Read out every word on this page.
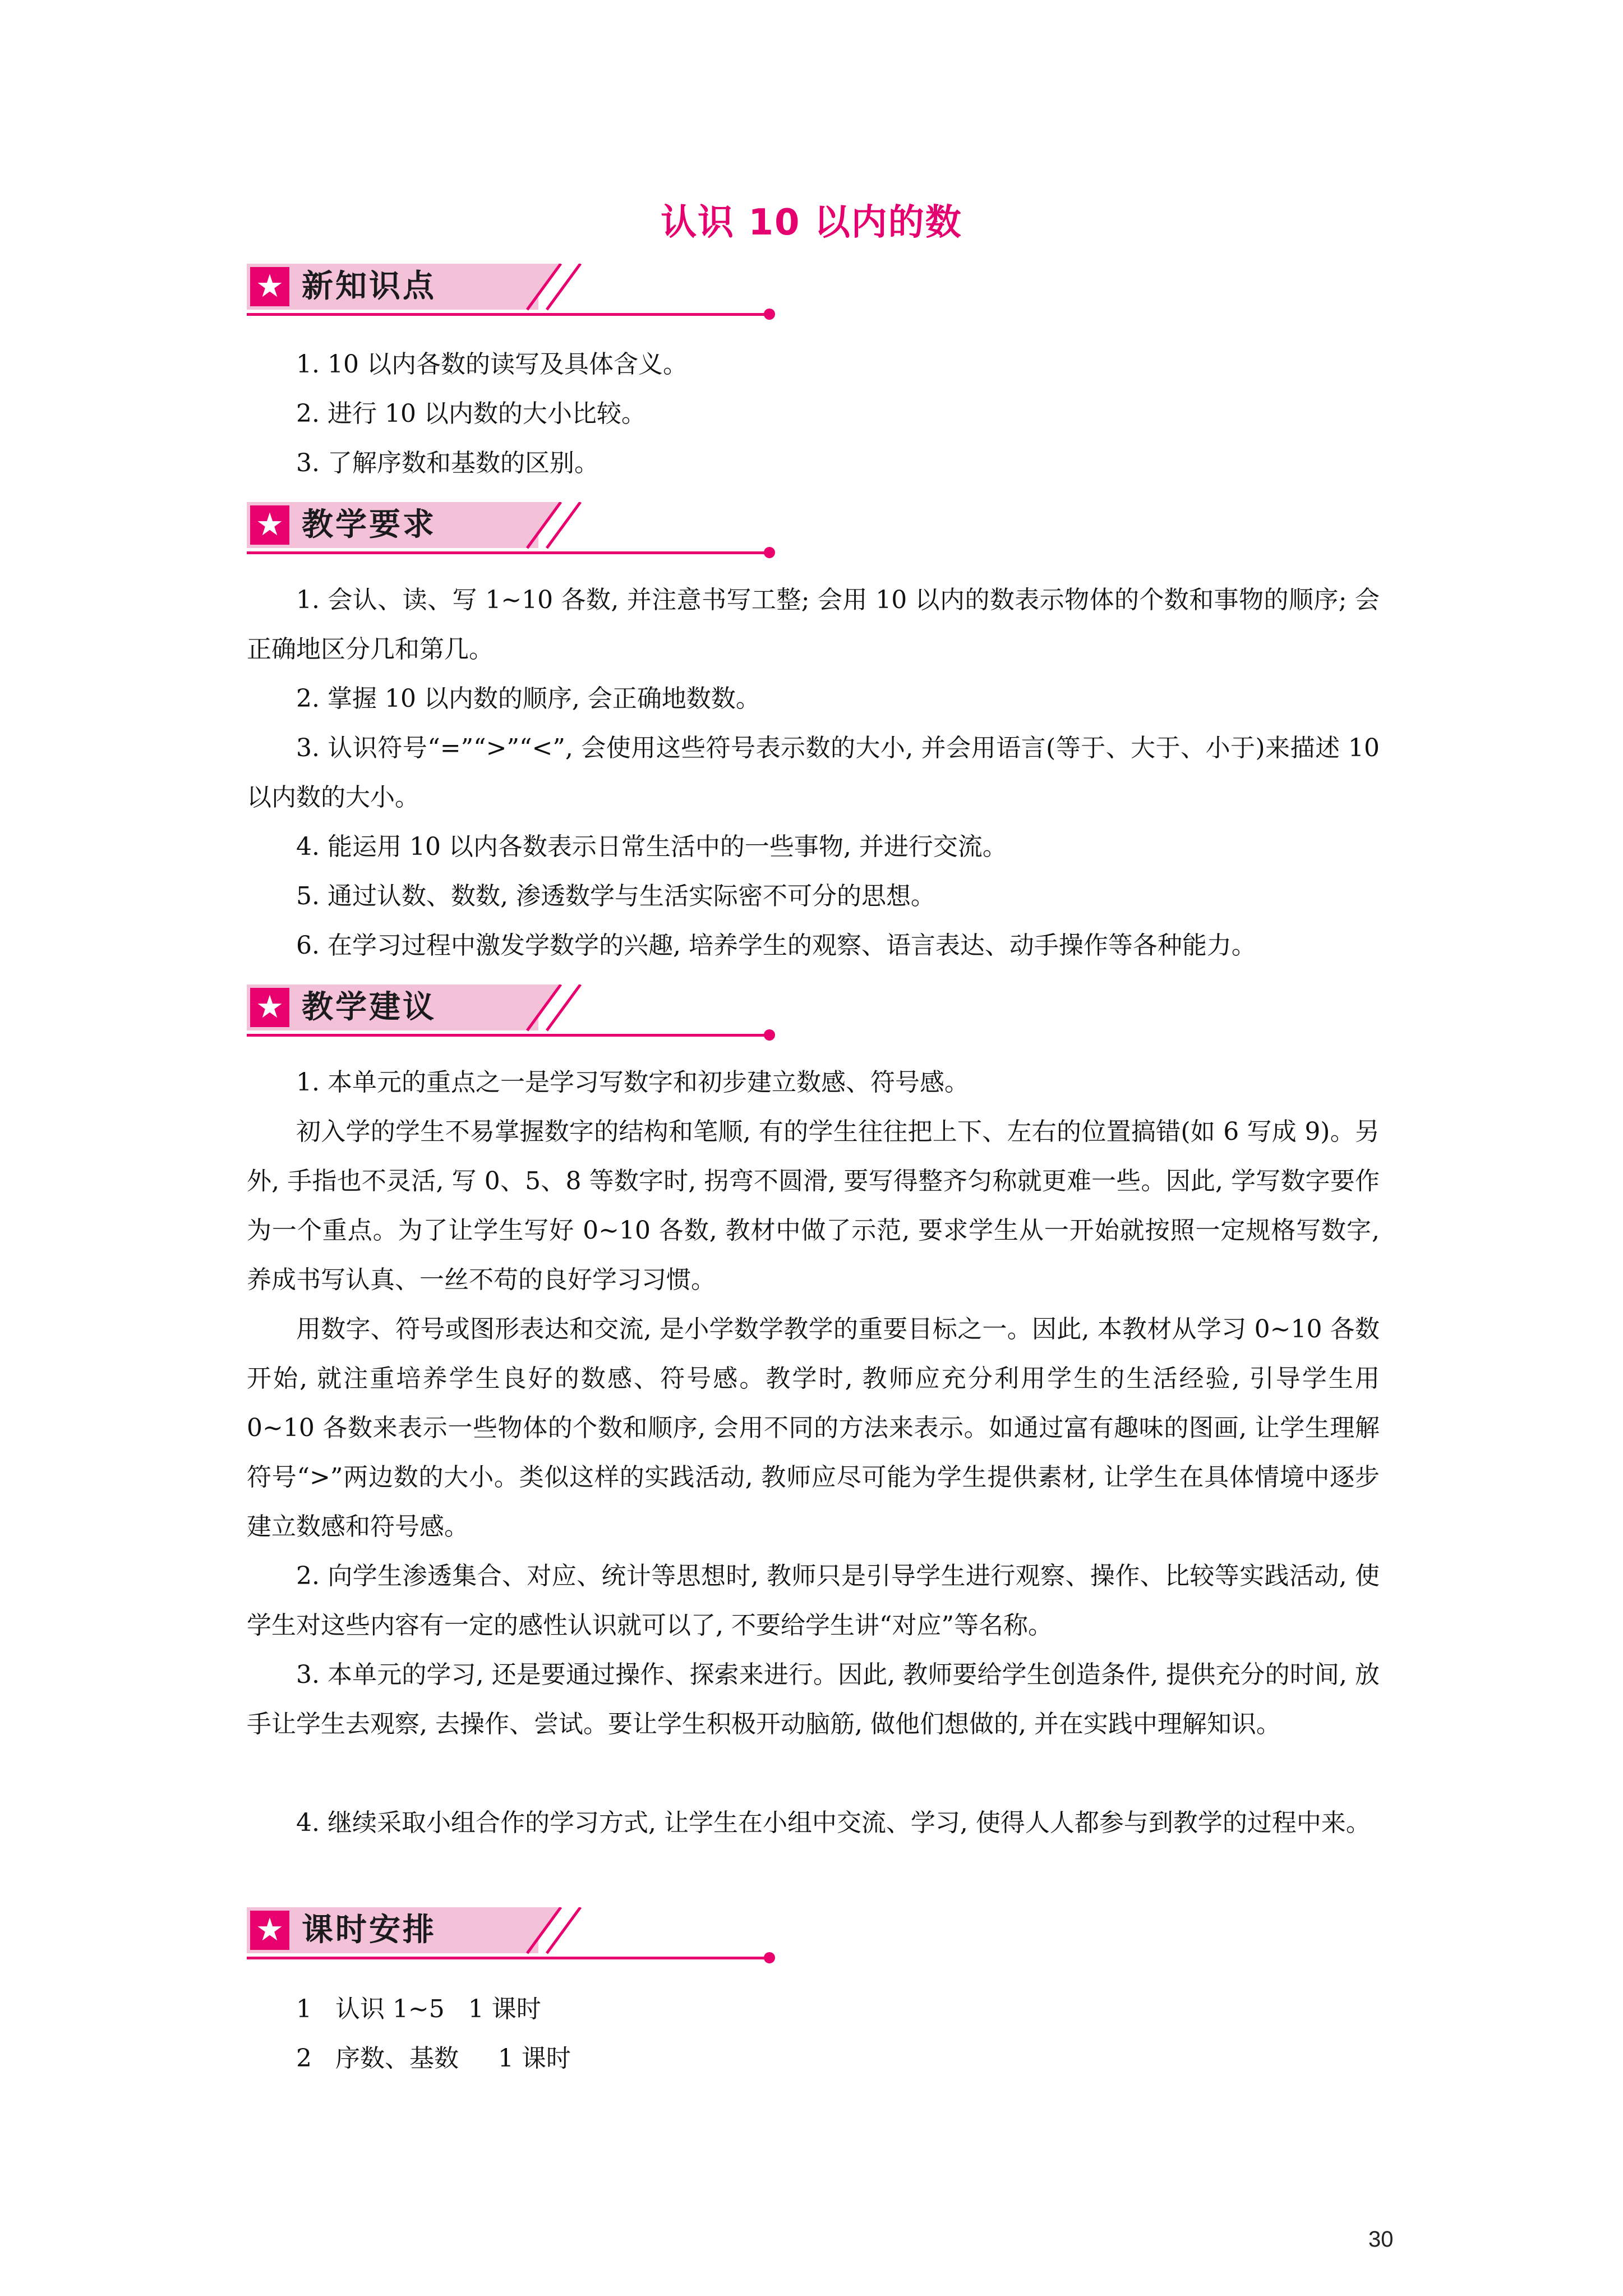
认识 10 以内的数
★ 新知识点
1. 10 以内各数的读写及具体含义。
2. 进行 10 以内数的大小比较。
3. 了解序数和基数的区别。
★ 教学要求
1. 会认、读、写 1~10 各数, 并注意书写工整; 会用 10 以内的数表示物体的个数和事物的顺序; 会正确地区分几和第几。
2. 掌握 10 以内数的顺序, 会正确地数数。
3. 认识符号“=”“>”“<”, 会使用这些符号表示数的大小, 并会用语言(等于、大于、小于)来描述 10 以内数的大小。
4. 能运用 10 以内各数表示日常生活中的一些事物, 并进行交流。
5. 通过认数、数数, 渗透数学与生活实际密不可分的思想。
6. 在学习过程中激发学数学的兴趣, 培养学生的观察、语言表达、动手操作等各种能力。
★ 教学建议
1. 本单元的重点之一是学习写数字和初步建立数感、符号感。
初入学的学生不易掌握数字的结构和笔顺, 有的学生往往把上下、左右的位置搞错(如 6 写成 9)。另外, 手指也不灵活, 写 0、5、8 等数字时, 拐弯不圆滑, 要写得整齐匀称就更难一些。因此, 学写数字要作为一个重点。为了让学生写好 0~10 各数, 教材中做了示范, 要求学生从一开始就按照一定规格写数字, 养成书写认真、一丝不苟的良好学习习惯。
用数字、符号或图形表达和交流, 是小学数学教学的重要目标之一。因此, 本教材从学习 0~10 各数开始, 就注重培养学生良好的数感、符号感。教学时, 教师应充分利用学生的生活经验, 引导学生用 0~10 各数来表示一些物体的个数和顺序, 会用不同的方法来表示。如通过富有趣味的图画, 让学生理解符号“>”两边数的大小。类似这样的实践活动, 教师应尽可能为学生提供素材, 让学生在具体情境中逐步建立数感和符号感。
2. 向学生渗透集合、对应、统计等思想时, 教师只是引导学生进行观察、操作、比较等实践活动, 使学生对这些内容有一定的感性认识就可以了, 不要给学生讲“对应”等名称。
3. 本单元的学习, 还是要通过操作、探索来进行。因此, 教师要给学生创造条件, 提供充分的时间, 放手让学生去观察, 去操作、尝试。要让学生积极开动脑筋, 做他们想做的, 并在实践中理解知识。
4. 继续采取小组合作的学习方式, 让学生在小组中交流、学习, 使得人人都参与到教学的过程中来。
★ 课时安排
1   认识 1~5   1 课时
2   序数、基数     1 课时
30
